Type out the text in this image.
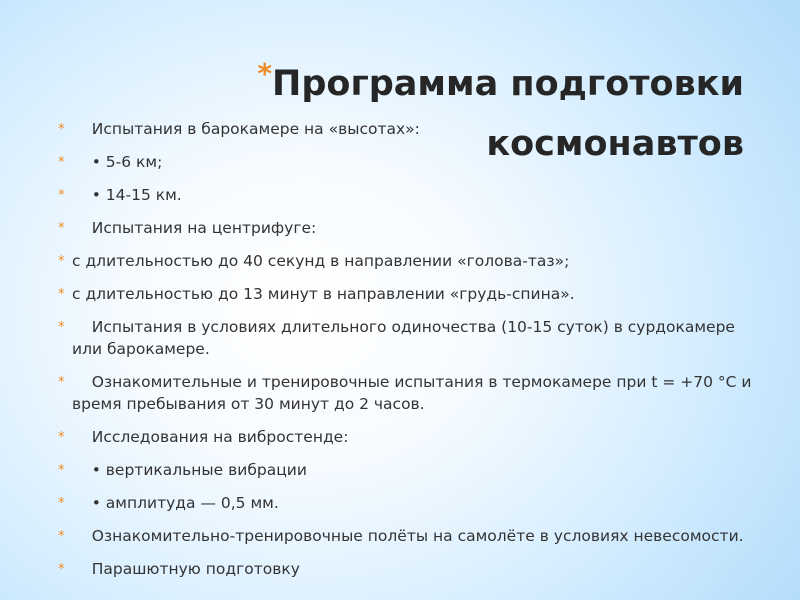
*Программа подготовки
космонавтов
* Испытания в барокамере на «высотах»:
* • 5-6 км;
* • 14-15 км.
* Испытания на центрифуге:
* с длительностью до 40 секунд в направлении «голова-таз»;
* с длительностью до 13 минут в направлении «грудь-спина».
* Испытания в условиях длительного одиночества (10-15 суток) в сурдокамере или барокамере.
* Ознакомительные и тренировочные испытания в термокамере при t = +70 °С и время пребывания от 30 минут до 2 часов.
* Исследования на вибростенде:
* • вертикальные вибрации
* • амплитуда — 0,5 мм.
* Ознакомительно-тренировочные полёты на самолёте в условиях невесомости.
* Парашютную подготовку
